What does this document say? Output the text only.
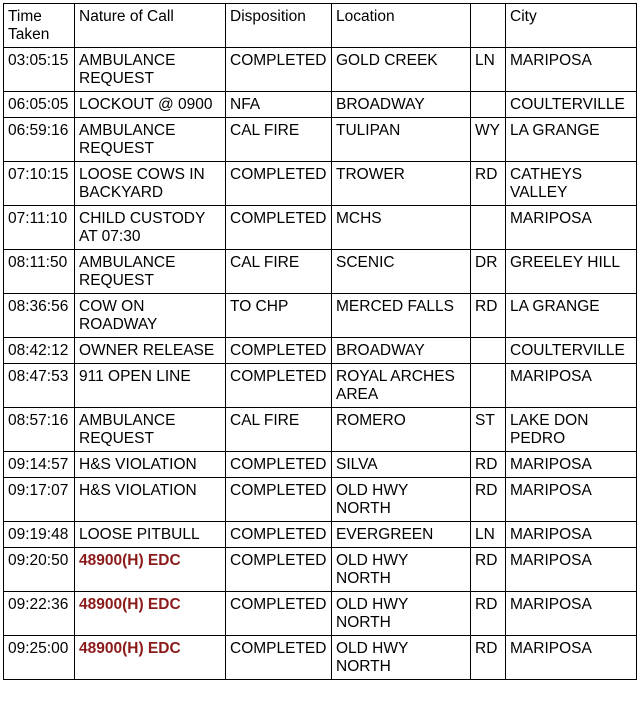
Time Taken	Nature of Call	Disposition	Location		City
03:05:15	AMBULANCE REQUEST	COMPLETED	GOLD CREEK	LN	MARIPOSA
06:05:05	LOCKOUT @ 0900	NFA	BROADWAY		COULTERVILLE
06:59:16	AMBULANCE REQUEST	CAL FIRE	TULIPAN	WY	LA GRANGE
07:10:15	LOOSE COWS IN BACKYARD	COMPLETED	TROWER	RD	CATHEYS VALLEY
07:11:10	CHILD CUSTODY AT 07:30	COMPLETED	MCHS		MARIPOSA
08:11:50	AMBULANCE REQUEST	CAL FIRE	SCENIC	DR	GREELEY HILL
08:36:56	COW ON ROADWAY	TO CHP	MERCED FALLS	RD	LA GRANGE
08:42:12	OWNER RELEASE	COMPLETED	BROADWAY		COULTERVILLE
08:47:53	911 OPEN LINE	COMPLETED	ROYAL ARCHES AREA		MARIPOSA
08:57:16	AMBULANCE REQUEST	CAL FIRE	ROMERO	ST	LAKE DON PEDRO
09:14:57	H&S VIOLATION	COMPLETED	SILVA	RD	MARIPOSA
09:17:07	H&S VIOLATION	COMPLETED	OLD HWY NORTH	RD	MARIPOSA
09:19:48	LOOSE PITBULL	COMPLETED	EVERGREEN	LN	MARIPOSA
09:20:50	48900(H) EDC	COMPLETED	OLD HWY NORTH	RD	MARIPOSA
09:22:36	48900(H) EDC	COMPLETED	OLD HWY NORTH	RD	MARIPOSA
09:25:00	48900(H) EDC	COMPLETED	OLD HWY NORTH	RD	MARIPOSA
